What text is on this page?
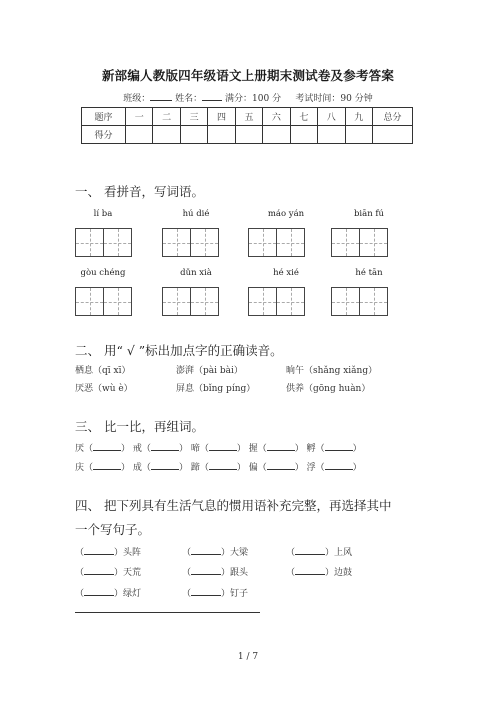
新部编人教版四年级语文上册期末测试卷及参考答案
班级：	姓名：	满分：100 分 考试时间：90 分钟
题序	一	二	三	四	五	六	七	八	九	总分
得分										
一、 看拼音，写词语。
lí ba	hú dié	máo yán	biān fú
gòu chéng	dǔn xià	hé xié	hé tān
二、 用“ √ ”标出加点字的正确读音。
栖息（qī xī）	澎湃（pài bài）	晌午（shǎng xiǎng）
厌恶（wù è）	屏息（bǐng píng）	供养（gōng huàn）
三、 比一比，再组词。
厌（	） 戒（	） 啼（	） 握（	） 孵（	）
庆（	） 成（	） 蹄（	） 偏（	） 浮（	）
四、 把下列具有生活气息的惯用语补充完整，再选择其中
一个写句子。
（	）头阵	（	）大梁	（	）上风
（	）天荒	（	）跟头	（	）边鼓
（	）绿灯	（	）钉子
1 / 7
